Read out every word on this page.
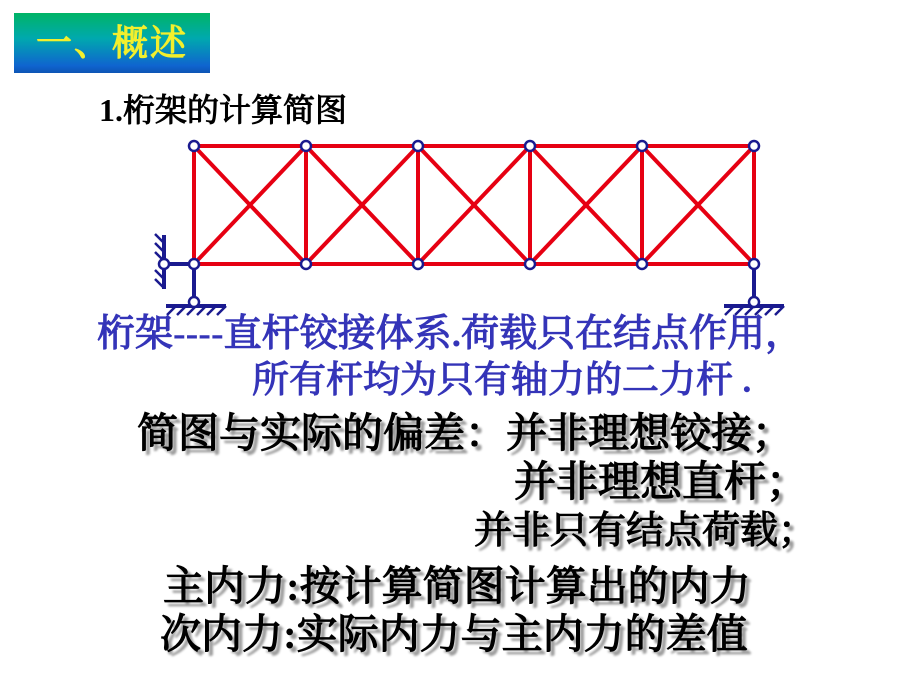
一、概述
1.桁架的计算简图
桁架----直杆铰接体系.荷载只在结点作用，
所有杆均为只有轴力的二力杆 .
简图与实际的偏差：并非理想铰接；
并非理想直杆；
并非只有结点荷载；
主内力:按计算简图计算出的内力
次内力:实际内力与主内力的差值
